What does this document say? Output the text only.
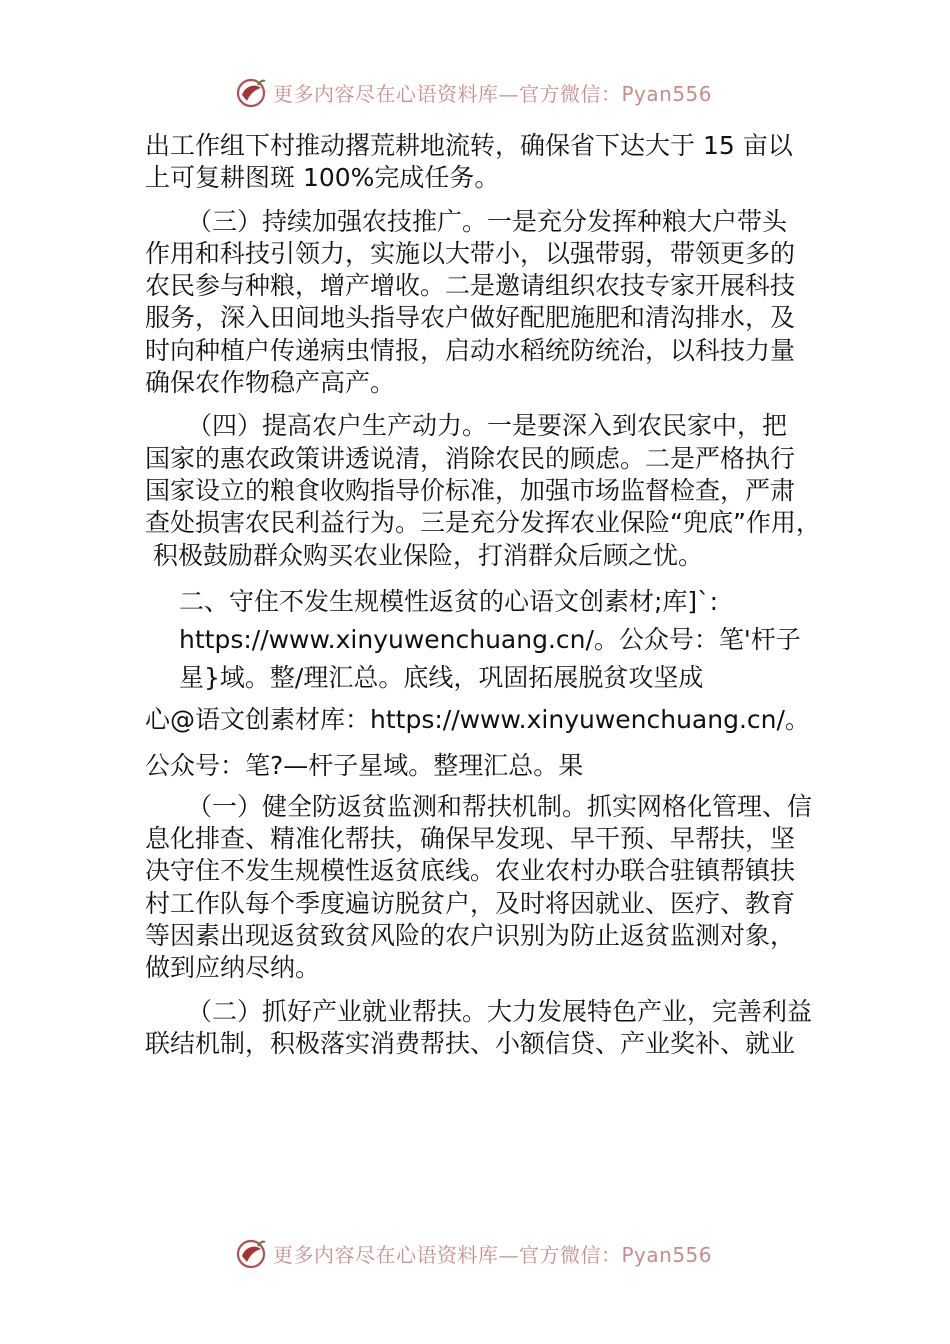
更多内容尽在心语资料库—官方微信：Pyan556

出工作组下村推动撂荒耕地流转，确保省下达大于 15 亩以

上可复耕图斑 100%完成任务。

（三）持续加强农技推广。一是充分发挥种粮大户带头

作用和科技引领力，实施以大带小，以强带弱，带领更多的

农民参与种粮，增产增收。二是邀请组织农技专家开展科技

服务，深入田间地头指导农户做好配肥施肥和清沟排水，及

时向种植户传递病虫情报，启动水稻统防统治，以科技力量

确保农作物稳产高产。

（四）提高农户生产动力。一是要深入到农民家中，把

国家的惠农政策讲透说清，消除农民的顾虑。二是严格执行

国家设立的粮食收购指导价标准，加强市场监督检查，严肃

查处损害农民利益行为。三是充分发挥农业保险“兜底”作用，

积极鼓励群众购买农业保险，打消群众后顾之忧。

二、守住不发生规模性返贫的心语文创素材;库]`:

https://www.xinyuwenchuang.cn/。公众号：笔'杆子

星}域。整/理汇总。底线，巩固拓展脱贫攻坚成

心@语文创素材库：https://www.xinyuwenchuang.cn/。

公众号：笔?—杆子星域。整理汇总。果

（一）健全防返贫监测和帮扶机制。抓实网格化管理、信

息化排查、精准化帮扶，确保早发现、早干预、早帮扶，坚

决守住不发生规模性返贫底线。农业农村办联合驻镇帮镇扶

村工作队每个季度遍访脱贫户，及时将因就业、医疗、教育

等因素出现返贫致贫风险的农户识别为防止返贫监测对象，

做到应纳尽纳。

（二）抓好产业就业帮扶。大力发展特色产业，完善利益

联结机制，积极落实消费帮扶、小额信贷、产业奖补、就业

更多内容尽在心语资料库—官方微信：Pyan556
